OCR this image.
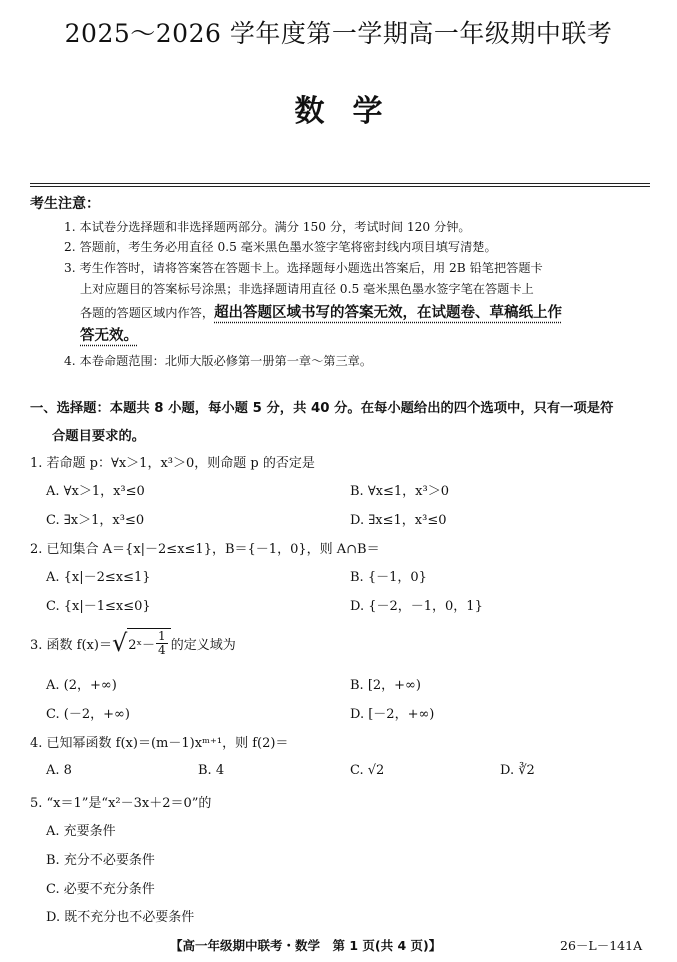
2025～2026 学年度第一学期高一年级期中联考
数学
考生注意：
1. 本试卷分选择题和非选择题两部分。满分 150 分，考试时间 120 分钟。
2. 答题前，考生务必用直径 0.5 毫米黑色墨水签字笔将密封线内项目填写清楚。
3. 考生作答时，请将答案答在答题卡上。选择题每小题选出答案后，用 2B 铅笔把答题卡
上对应题目的答案标号涂黑；非选择题请用直径 0.5 毫米黑色墨水签字笔在答题卡上
各题的答题区域内作答，超出答题区域书写的答案无效，在试题卷、草稿纸上作
答无效。
4. 本卷命题范围：北师大版必修第一册第一章～第三章。
一、选择题：本题共 8 小题，每小题 5 分，共 40 分。在每小题给出的四个选项中，只有一项是符
合题目要求的。
1. 若命题 p：∀x＞1，x³＞0，则命题 p 的否定是
A. ∀x＞1，x³≤0	B. ∀x≤1，x³＞0
C. ∃x＞1，x³≤0	D. ∃x≤1，x³≤0
2. 已知集合 A＝{x|－2≤x≤1}，B＝{－1，0}，则 A∩B＝
A. {x|－2≤x≤1}	B. {－1，0}
C. {x|－1≤x≤0}	D. {－2，－1，0，1}
3. 函数 f(x)＝ √ 2ˣ－ $\frac{1}{4}$ 的定义域为
A. (2，+∞)	B. [2，+∞)
C. (－2，+∞)	D. [－2，+∞)
4. 已知幂函数 f(x)＝(m－1)xᵐ⁺¹，则 f(2)＝
A. 8	B. 4	C. √2	D. ∛2
5. “x＝1”是“x²－3x＋2＝0”的
A. 充要条件
B. 充分不必要条件
C. 必要不充分条件
D. 既不充分也不必要条件
【高一年级期中联考・数学　第 1 页(共 4 页)】	26－L－141A
